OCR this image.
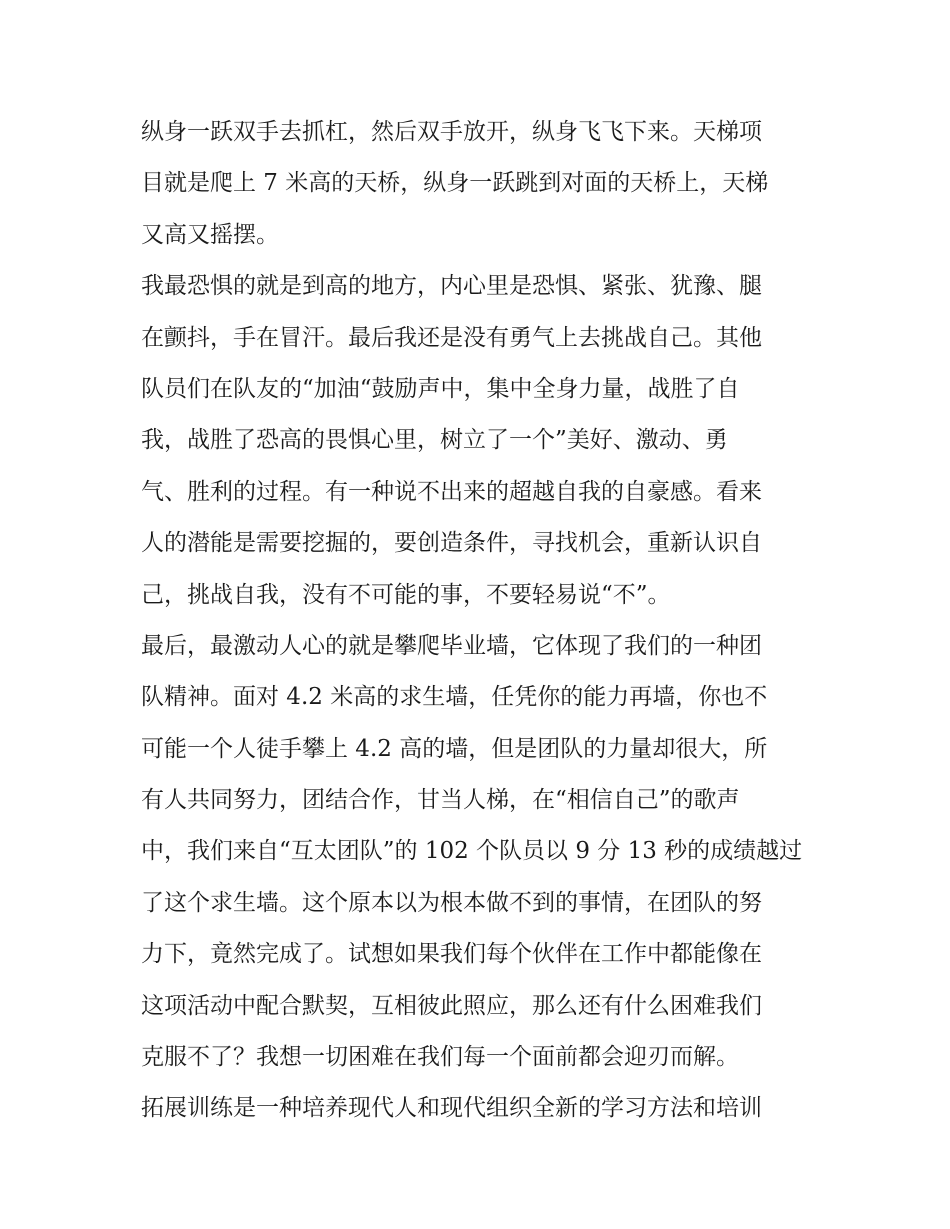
纵身一跃双手去抓杠，然后双手放开，纵身飞飞下来。天梯项
目就是爬上 7 米高的天桥，纵身一跃跳到对面的天桥上，天梯
又高又摇摆。
我最恐惧的就是到高的地方，内心里是恐惧、紧张、犹豫、腿
在颤抖，手在冒汗。最后我还是没有勇气上去挑战自己。其他
队员们在队友的“加油“鼓励声中，集中全身力量，战胜了自
我，战胜了恐高的畏惧心里，树立了一个”美好、激动、勇
气、胜利的过程。有一种说不出来的超越自我的自豪感。看来
人的潜能是需要挖掘的，要创造条件，寻找机会，重新认识自
己，挑战自我，没有不可能的事，不要轻易说“不”。
最后，最激动人心的就是攀爬毕业墙，它体现了我们的一种团
队精神。面对 4.2 米高的求生墙，任凭你的能力再墙，你也不
可能一个人徒手攀上 4.2 高的墙，但是团队的力量却很大，所
有人共同努力，团结合作，甘当人梯，在“相信自己”的歌声
中，我们来自“互太团队”的 102 个队员以 9 分 13 秒的成绩越过
了这个求生墙。这个原本以为根本做不到的事情，在团队的努
力下，竟然完成了。试想如果我们每个伙伴在工作中都能像在
这项活动中配合默契，互相彼此照应，那么还有什么困难我们
克服不了？我想一切困难在我们每一个面前都会迎刃而解。
拓展训练是一种培养现代人和现代组织全新的学习方法和培训
